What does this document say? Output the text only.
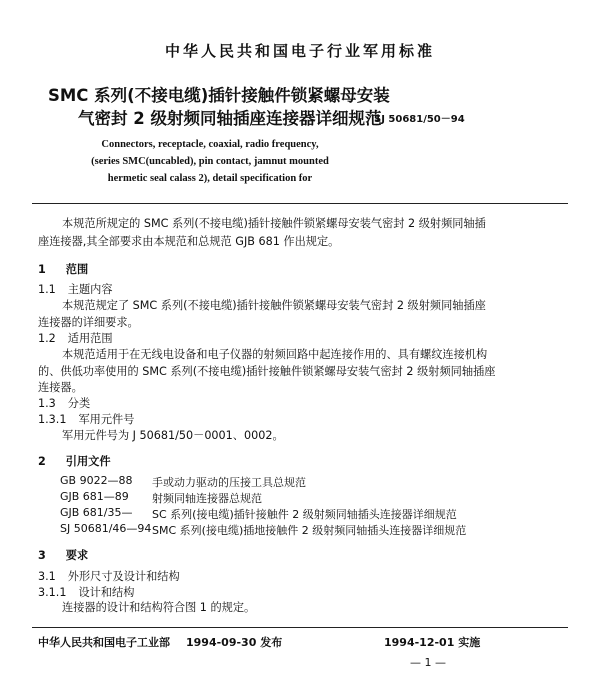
中华人民共和国电子行业军用标准
SMC 系列(不接电缆)插针接触件锁紧螺母安装
气密封 2 级射频同轴插座连接器详细规范
SJ 50681/50－94
Connectors, receptacle, coaxial, radio frequency,
(series SMC(uncabled), pin contact, jamnut mounted
hermetic seal calass 2), detail specification for
本规范所规定的 SMC 系列(不接电缆)插针接触件锁紧螺母安装气密封 2 级射频同轴插
座连接器,其全部要求由本规范和总规范 GJB 681 作出规定。
1 范围
1.1 主题内容
本规范规定了 SMC 系列(不接电缆)插针接触件锁紧螺母安装气密封 2 级射频同轴插座
连接器的详细要求。
1.2 适用范围
本规范适用于在无线电设备和电子仪器的射频回路中起连接作用的、具有螺纹连接机构
的、供低功率使用的 SMC 系列(不接电缆)插针接触件锁紧螺母安装气密封 2 级射频同轴插座
连接器。
1.3 分类
1.3.1 军用元件号
军用元件号为 J 50681/50－0001、0002。
2 引用文件
GB 9022—88 手或动力驱动的压接工具总规范
GJB 681—89 射频同轴连接器总规范
GJB 681/35— SC 系列(接电缆)插针接触件 2 级射频同轴插头连接器详细规范
SJ 50681/46—94 SMC 系列(接电缆)插地接触件 2 级射频同轴插头连接器详细规范
3 要求
3.1 外形尺寸及设计和结构
3.1.1 设计和结构
连接器的设计和结构符合图 1 的规定。
中华人民共和国电子工业部 1994-09-30 发布	1994-12-01 实施
— 1 —
